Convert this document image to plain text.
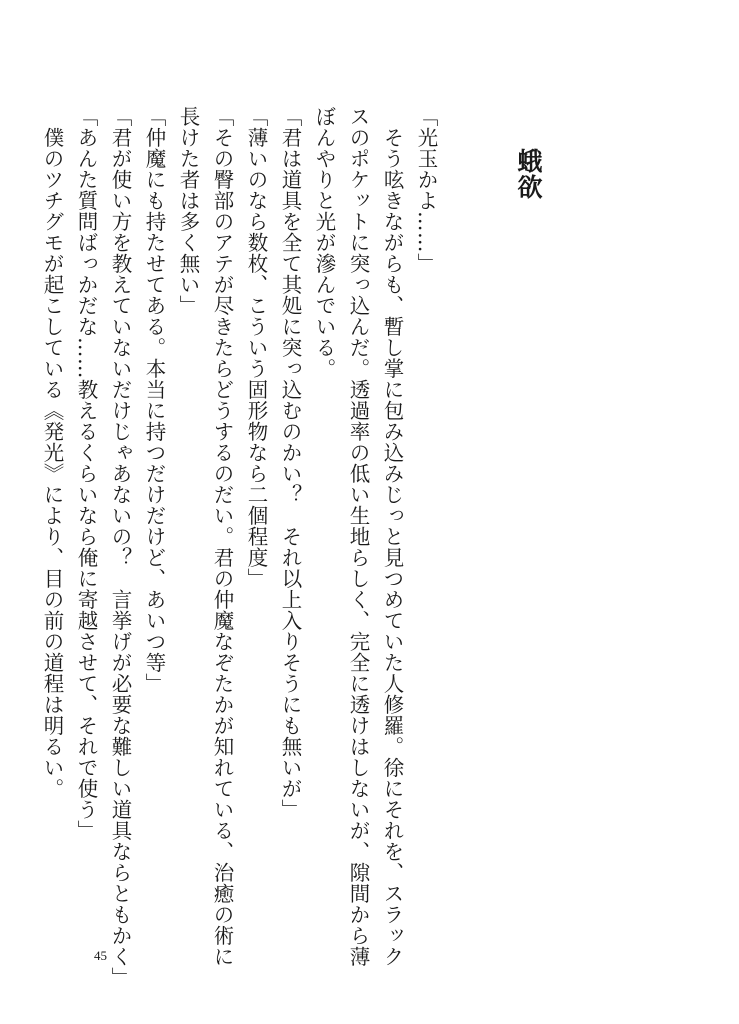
蛾欲
「光玉かよ……」
　そう呟きながらも、暫し掌に包み込みじっと見つめていた人修羅。徐にそれを、スラック
スのポケットに突っ込んだ。透過率の低い生地らしく、完全に透けはしないが、隙間から薄
ぼんやりと光が滲んでいる。
「君は道具を全て其処に突っ込むのかい？　それ以上入りそうにも無いが」
「薄いのなら数枚、こういう固形物なら二個程度」
「その臀部のアテが尽きたらどうするのだい。君の仲魔なぞたかが知れている、治癒の術に
長けた者は多く無い」
「仲魔にも持たせてある。本当に持つだけだけど、あいつ等」
「君が使い方を教えていないだけじゃあないの？　言挙げが必要な難しい道具ならともかく」
「あんた質問ばっかだな……教えるくらいなら俺に寄越させて、それで使う」
　僕のツチグモが起こしている《発光》により、目の前の道程は明るい。
45
